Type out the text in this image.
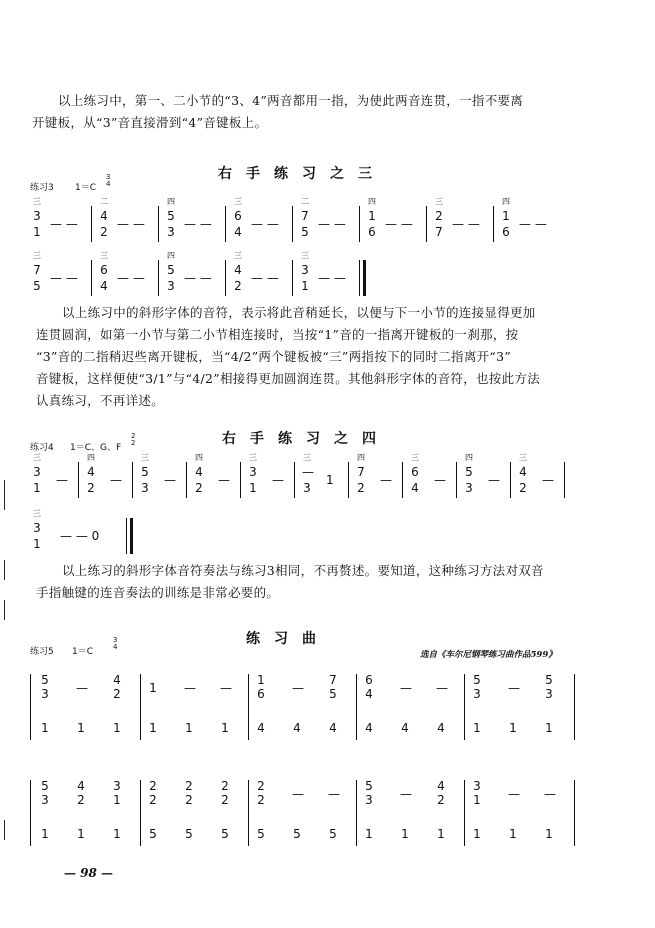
以上练习中，第一、二小节的“3、4”两音都用一指，为使此两音连贯，一指不要离
开键板，从“3”音直接滑到“4”音键板上。
右手练习之三
练习3 1＝C
3
4
三
3
1
— —
二
4
2
— —
四
5
3
— —
三
6
4
— —
二
7
5
— —
四
1
6
— —
三
2
7
— —
四
1
6
— —
三
7
5
— —
三
6
4
— —
四
5
3
— —
三
4
2
— —
三
3
1
— —
以上练习中的斜形字体的音符，表示将此音稍延长，以便与下一小节的连接显得更加
连贯圆润，如第一小节与第二小节相连接时，当按“1”音的一指离开键板的一刹那，按
“3”音的二指稍迟些离开键板，当“4/2”两个键板被“三”两指按下的同时二指离开“3”
音键板，这样便使“3/1”与“4/2”相接得更加圆润连贯。其他斜形字体的音符，也按此方法
认真练习，不再详述。
右手练习之四
练习4 1＝C、G、F
2
2
三
3
1
—
四
4
2
—
三
5
3
—
四
4
2
—
三
3
1
—
三
—
3
1
四
7
2
—
三
6
4
—
四
5
3
—
三
4
2
—
三
3
1
— — 0
以上练习的斜形字体音符奏法与练习3相同，不再赘述。要知道，这种练习方法对双音
手指触键的连音奏法的训练是非常必要的。
练习曲
练习5 1＝C
3
4
选自《车尔尼钢琴练习曲作品599》
5
3
1
—
1
4
2
1
1
1
—
1
—
1
1
6
4
—
4
7
5
4
6
4
4
—
4
—
4
5
3
1
—
1
5
3
1
5
3
1
4
2
1
3
1
1
2
2
5
2
2
5
2
2
5
2
2
5
—
5
—
5
5
3
1
—
1
4
2
1
3
1
1
—
1
—
1
— 98 —
